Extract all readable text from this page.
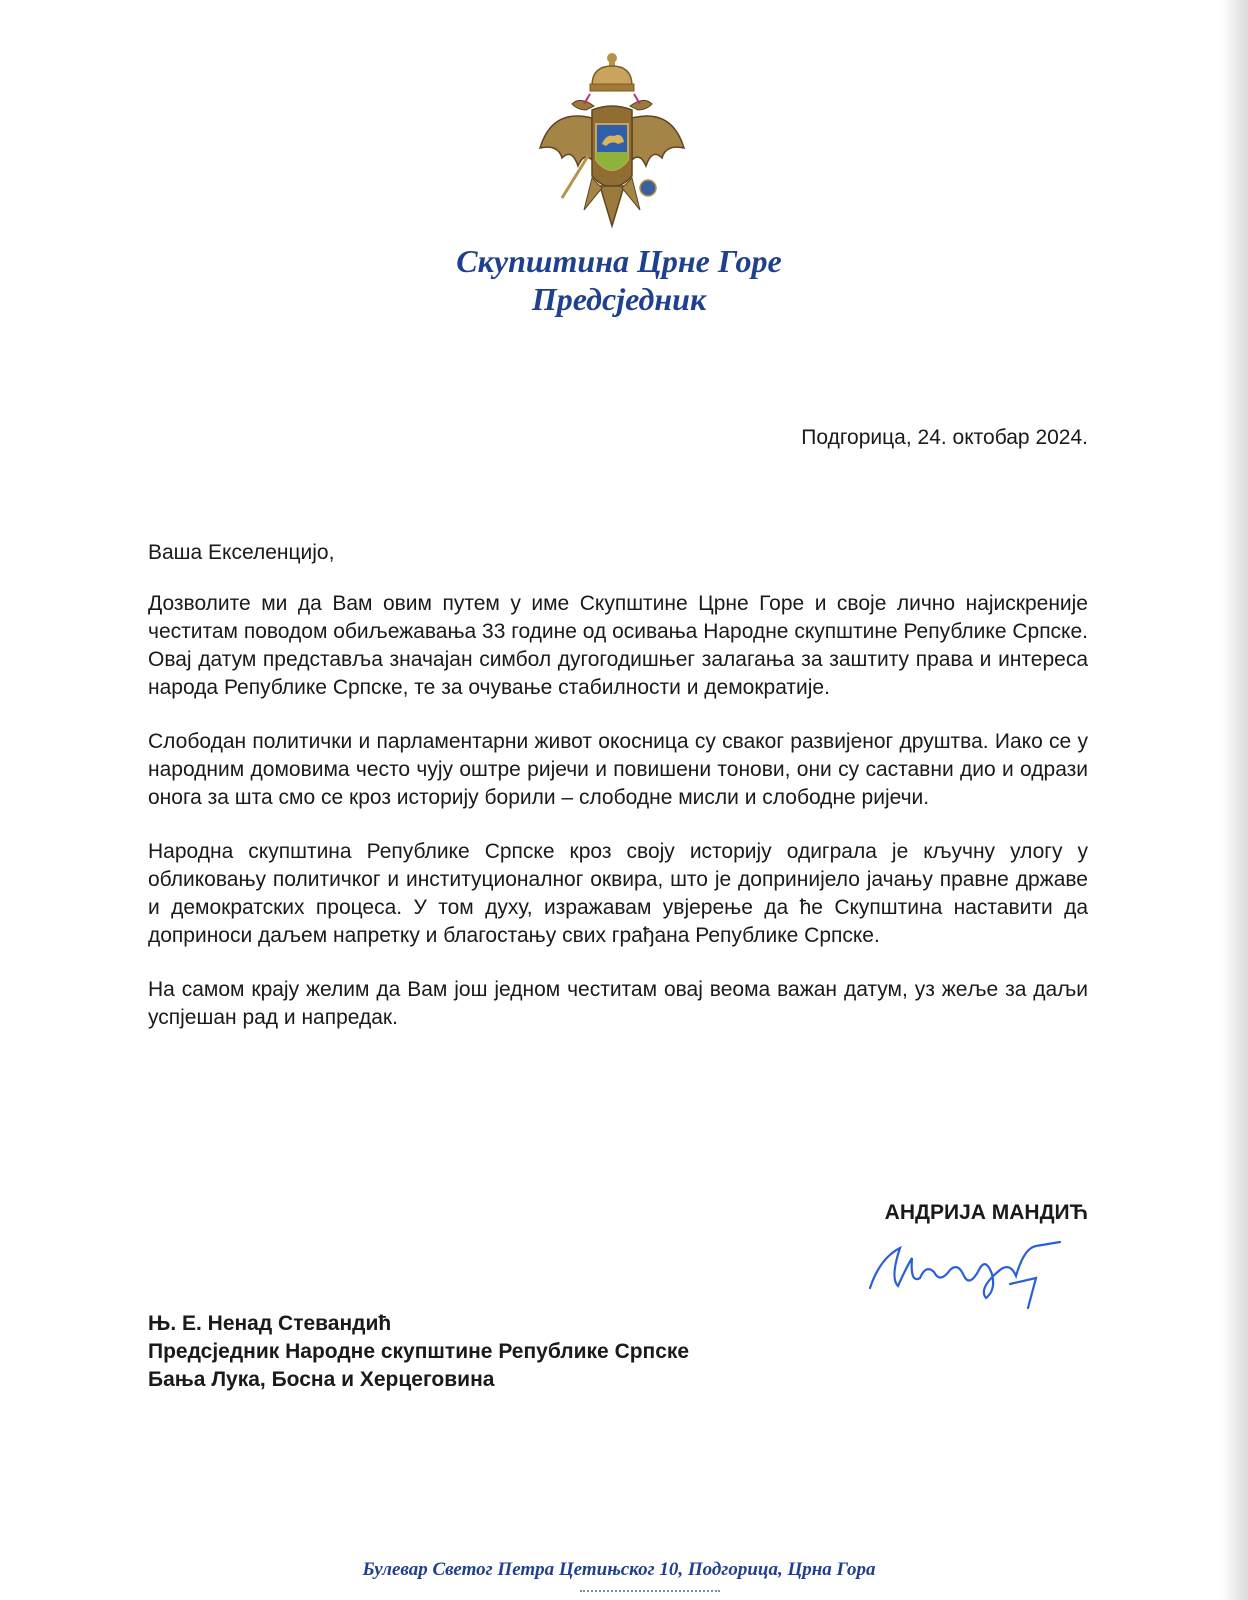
Скупштина Црне Горе
Предсједник
Подгорица, 24. октобар 2024.
Ваша Екселенцијо,

Дозволите ми да Вам овим путем у име Скупштине Црне Горе и своје лично најискреније честитам поводом обиљежавања 33 године од осивања Народне скупштине Републике Српске. Овај датум представља значајан симбол дугогодишњег залагања за заштиту права и интереса народа Републике Српске, те за очување стабилности и демократије.

Слободан политички и парламентарни живот окосница су сваког развијеног друштва. Иако се у народним домовима често чују оштре ријечи и повишени тонови, они су саставни дио и одрази онога за шта смо се кроз историју борили – слободне мисли и слободне ријечи.

Народна скупштина Републике Српске кроз своју историју одиграла је кључну улогу у обликовању политичког и институционалног оквира, што је допринијело јачању правне државе и демократских процеса. У том духу, изражавам увјерење да ће Скупштина наставити да доприноси даљем напретку и благостању свих грађана Републике Српске.

На самом крају желим да Вам још једном честитам овај веома важан датум, уз жеље за даљи успјешан рад и напредак.

АНДРИЈА МАНДИЋ
Њ. Е. Ненад Стевандић
Предсједник Народне скупштине Републике Српске
Бања Лука, Босна и Херцеговина
Булевар Светог Петра Цетињског 10, Подгорица, Црна Гора
